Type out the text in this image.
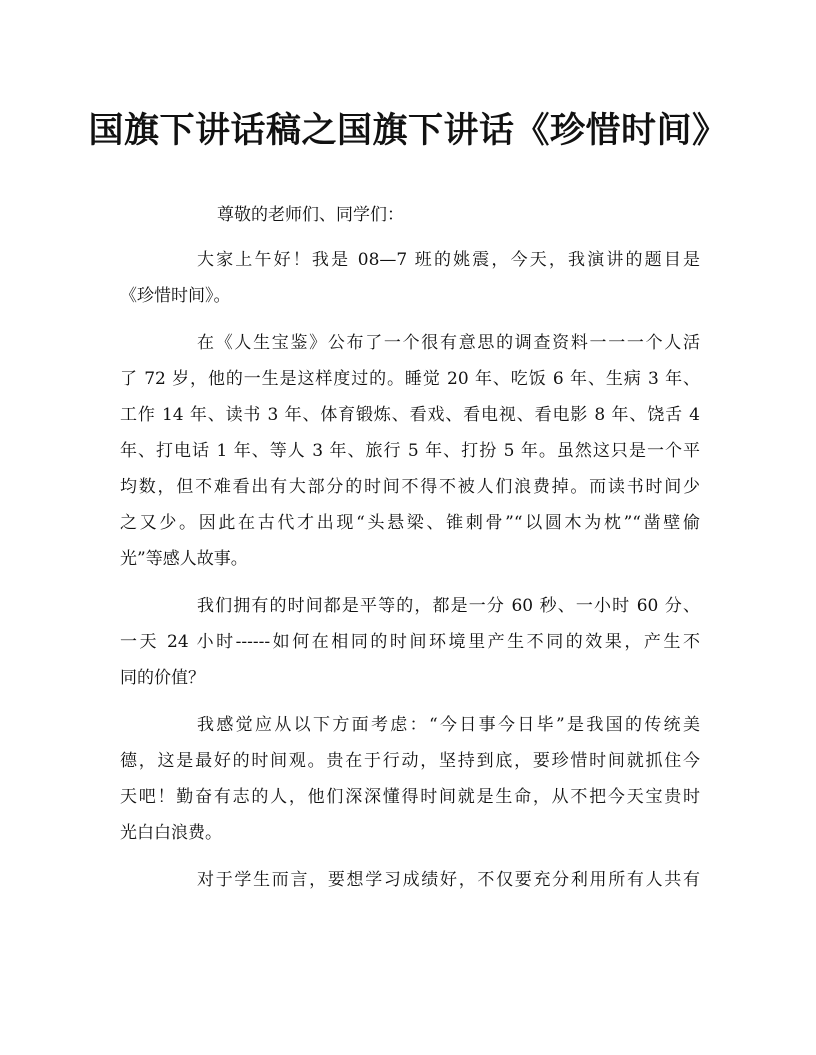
国旗下讲话稿之国旗下讲话《珍惜时间》
尊敬的老师们、同学们：
大家上午好！我是 08—7 班的姚震，今天，我演讲的题目是
《珍惜时间》。
在《人生宝鉴》公布了一个很有意思的调查资料一一一个人活
了 72 岁，他的一生是这样度过的。睡觉 20 年、吃饭 6 年、生病 3 年、
工作 14 年、读书 3 年、体育锻炼、看戏、看电视、看电影 8 年、饶舌 4
年、打电话 1 年、等人 3 年、旅行 5 年、打扮 5 年。虽然这只是一个平
均数，但不难看出有大部分的时间不得不被人们浪费掉。而读书时间少
之又少。因此在古代才出现“头悬梁、锥刺骨”“以圆木为枕”“凿壁偷
光”等感人故事。
我们拥有的时间都是平等的，都是一分 60 秒、一小时 60 分、
一天 24 小时------如何在相同的时间环境里产生不同的效果，产生不
同的价值？
我感觉应从以下方面考虑：“今日事今日毕”是我国的传统美
德，这是最好的时间观。贵在于行动，坚持到底，要珍惜时间就抓住今
天吧！勤奋有志的人，他们深深懂得时间就是生命，从不把今天宝贵时
光白白浪费。
对于学生而言，要想学习成绩好，不仅要充分利用所有人共有
